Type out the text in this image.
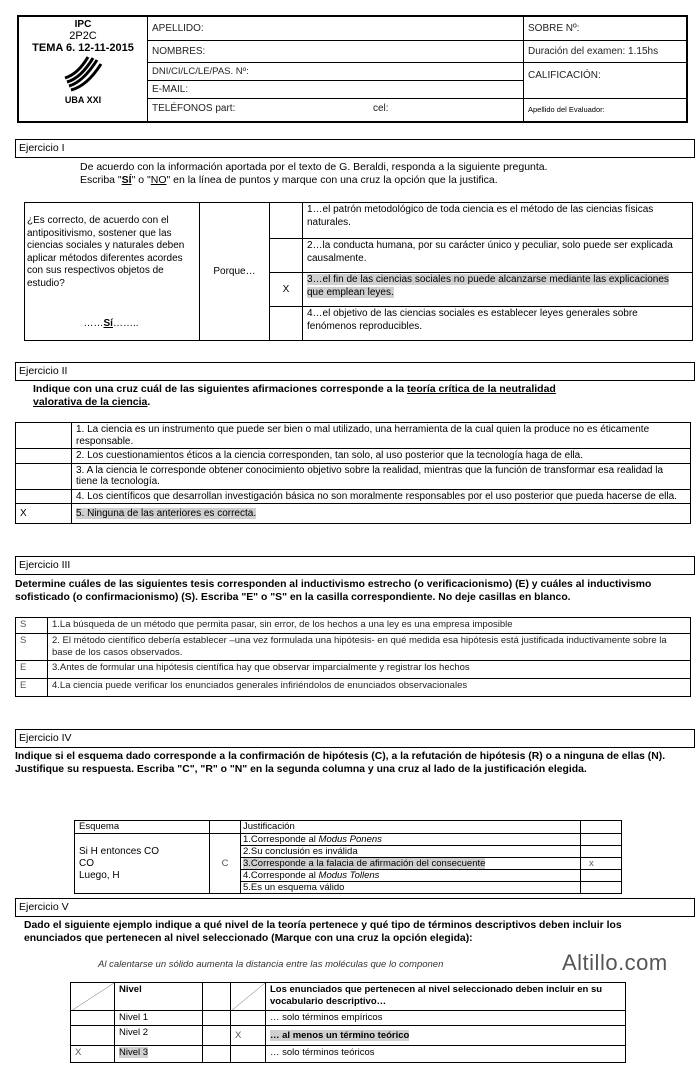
IPC
2P2C
TEMA 6. 12-11-2015
UBA XXI
APELLIDO:
NOMBRES:
DNI/CI/LC/LE/PAS. Nº:
E-MAIL:
TELÉFONOS part:	cel:
SOBRE Nº:
Duración del examen: 1.15hs
CALIFICACIÓN:
Apellido del Evaluador:
Ejercicio I
De acuerdo con la información aportada por el texto de G. Beraldi, responda a la siguiente pregunta.
Escriba "SÍ" o "NO" en la línea de puntos y marque con una cruz la opción que la justifica.
¿Es correcto, de acuerdo con el antipositivismo, sostener que las ciencias sociales y naturales deben aplicar métodos diferentes acordes con sus respectivos objetos de estudio?
……Sí……..	Porque…		1…el patrón metodológico de toda ciencia es el método de las ciencias físicas naturales.
			2…la conducta humana, por su carácter único y peculiar, solo puede ser explicada causalmente.
		X	3…el fin de las ciencias sociales no puede alcanzarse mediante las explicaciones que emplean leyes.
			4…el objetivo de las ciencias sociales es establecer leyes generales sobre fenómenos reproducibles.
Ejercicio II
Indique con una cruz cuál de las siguientes afirmaciones corresponde a la teoría crítica de la neutralidad
valorativa de la ciencia.
	1. La ciencia es un instrumento que puede ser bien o mal utilizado, una herramienta de la cual quien la produce no es éticamente responsable.
	2. Los cuestionamientos éticos a la ciencia corresponden, tan solo, al uso posterior que la tecnología haga de ella.
	3. A la ciencia le corresponde obtener conocimiento objetivo sobre la realidad, mientras que la función de transformar esa realidad la tiene la tecnología.
	4. Los científicos que desarrollan investigación básica no son moralmente responsables por el uso posterior que pueda hacerse de ella.
X	5. Ninguna de las anteriores es correcta.
Ejercicio III
Determine cuáles de las siguientes tesis corresponden al inductivismo estrecho (o verificacionismo) (E) y cuáles al inductivismo sofisticado (o confirmacionismo) (S). Escriba "E" o "S" en la casilla correspondiente. No deje casillas en blanco.
S	1.La búsqueda de un método que permita pasar, sin error, de los hechos a una ley es una empresa imposible
S	2. El método científico debería establecer –una vez formulada una hipótesis- en qué medida esa hipótesis está justificada inductivamente sobre la base de los casos observados.
E	3.Antes de formular una hipótesis científica hay que observar imparcialmente y registrar los hechos
E	4.La ciencia puede verificar los enunciados generales infiriéndolos de enunciados observacionales
Ejercicio IV
Indique si el esquema dado corresponde a la confirmación de hipótesis (C), a la refutación de hipótesis (R) o a ninguna de ellas (N). Justifique su respuesta. Escriba "C", "R" o "N" en la segunda columna y una cruz al lado de la justificación elegida.
Esquema		Justificación	

Si H entonces CO
CO
Luego, H	C	1.Corresponde al Modus Ponens	
		2.Su conclusión es inválida	
		3.Corresponde a la falacia de afirmación del consecuente	x
		4.Corresponde al Modus Tollens	
		5.Es un esquema válido	
Ejercicio V
Dado el siguiente ejemplo indique a qué nivel de la teoría pertenece y qué tipo de términos descriptivos deben incluir los enunciados que pertenecen al nivel seleccionado (Marque con una cruz la opción elegida):
Al calentarse un sólido aumenta la distancia entre las moléculas que lo componen	Altillo.com
	Nivel			Los enunciados que pertenecen al nivel seleccionado deben incluir en su vocabulario descriptivo…
	Nivel 1			… solo términos empíricos
	Nivel 2		X	… al menos un término teórico
X	Nivel 3			… solo términos teóricos
